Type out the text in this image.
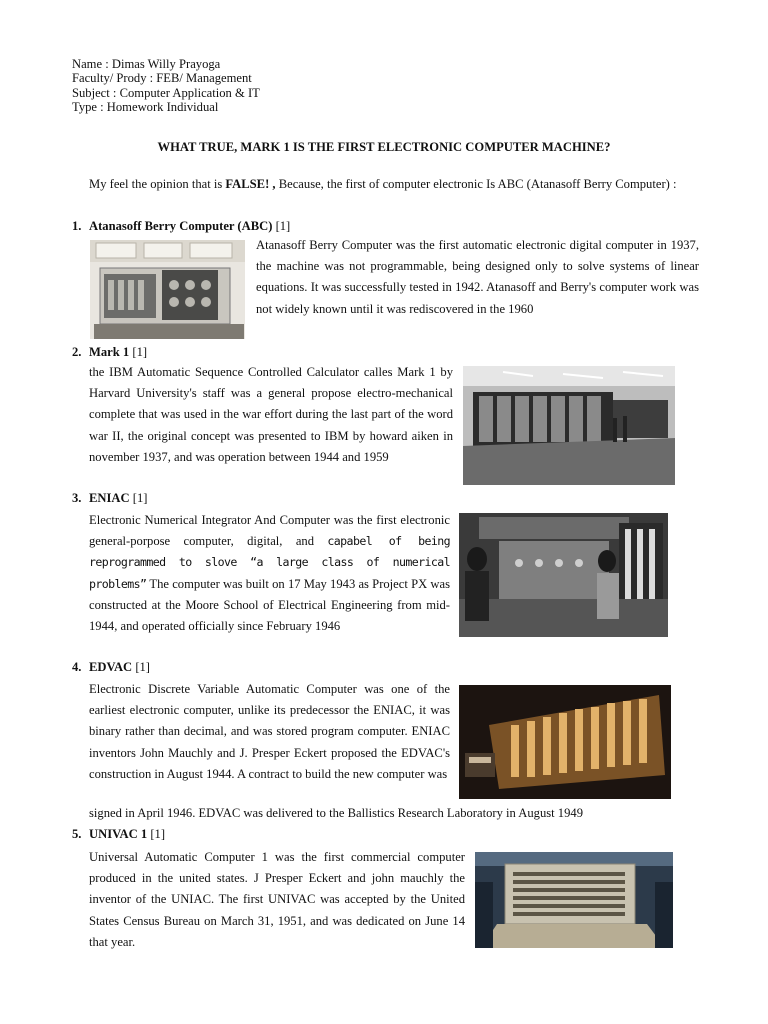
Name : Dimas Willy Prayoga
Faculty/ Prody : FEB/ Management
Subject : Computer Application & IT
Type : Homework Individual
WHAT TRUE, MARK 1 IS THE FIRST ELECTRONIC COMPUTER MACHINE?
My feel the opinion that is FALSE! , Because, the first of computer electronic Is ABC (Atanasoff Berry Computer) :
1. Atanasoff Berry Computer (ABC) [1]
Atanasoff Berry Computer was the first automatic electronic digital computer in 1937, the machine was not programmable, being designed only to solve systems of linear equations. It was successfully tested in 1942. Atanasoff and Berry's computer work was not widely known until it was rediscovered in the 1960
2. Mark 1 [1]
the IBM Automatic Sequence Controlled Calculator calles Mark 1 by Harvard University's staff was a general propose electro-mechanical complete that was used in the war effort during the last part of the word war II, the original concept was presented to IBM by howard aiken in november 1937, and was operation between 1944 and 1959
3. ENIAC [1]
Electronic Numerical Integrator And Computer was the first electronic general-porpose computer, digital, and capabel of being reprogrammed to slove “a large class of numerical problems” The computer was built on 17 May 1943 as Project PX was constructed at the Moore School of Electrical Engineering from mid-1944, and operated officially since February 1946
4. EDVAC [1]
Electronic Discrete Variable Automatic Computer was one of the earliest electronic computer, unlike its predecessor the ENIAC, it was binary rather than decimal, and was stored program computer. ENIAC inventors John Mauchly and J. Presper Eckert proposed the EDVAC's construction in August 1944. A contract to build the new computer was
signed in April 1946. EDVAC was delivered to the Ballistics Research Laboratory in August 1949
5. UNIVAC 1 [1]
Universal Automatic Computer 1 was the first commercial computer produced in the united states. J Presper Eckert and john mauchly the inventor of the UNIAC. The first UNIVAC was accepted by the United States Census Bureau on March 31, 1951, and was dedicated on June 14 that year.
